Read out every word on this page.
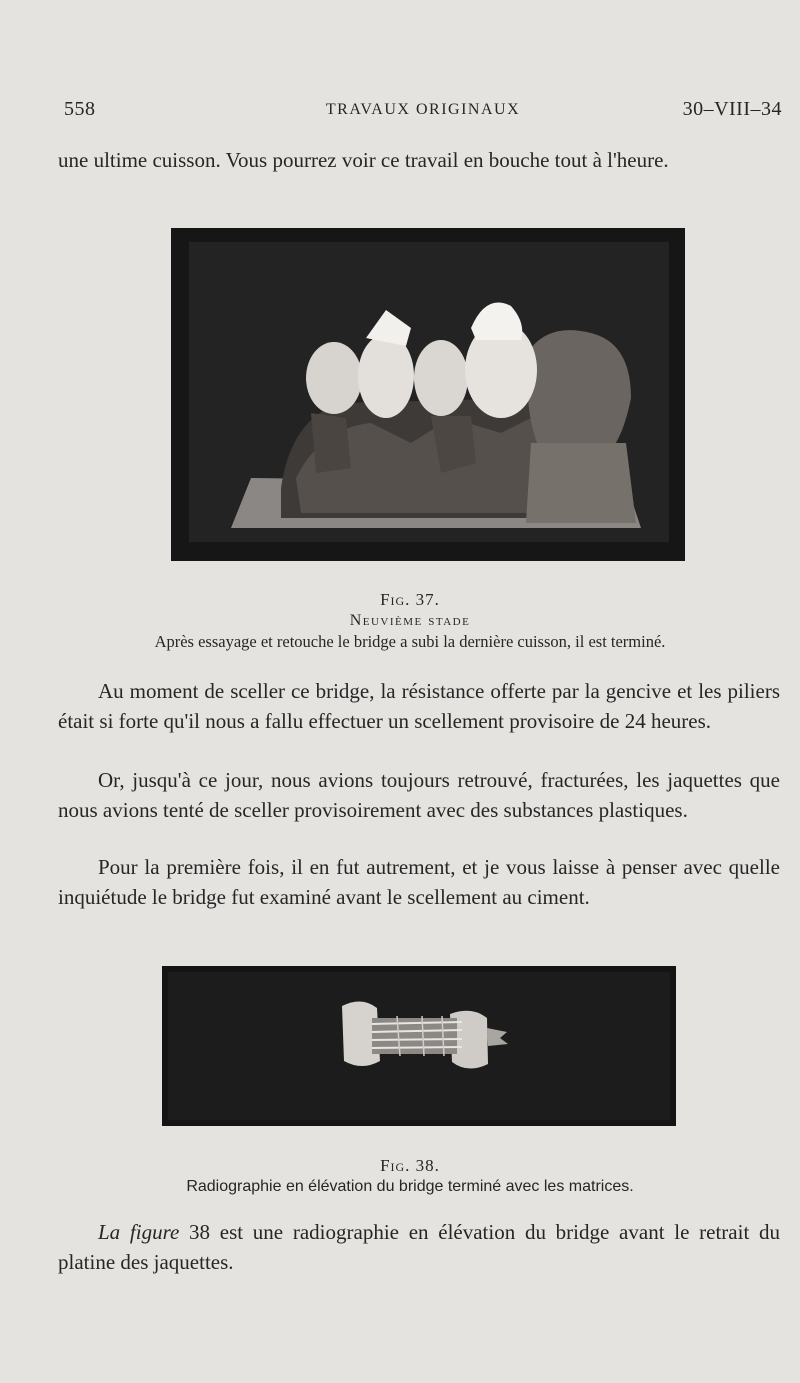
558	TRAVAUX ORIGINAUX	30–VIII–34
une ultime cuisson. Vous pourrez voir ce travail en bouche tout à l'heure.
Fig. 37.
Neuvième stade
Après essayage et retouche le bridge a subi la dernière cuisson, il est terminé.
Au moment de sceller ce bridge, la résistance offerte par la gencive et les piliers était si forte qu'il nous a fallu effectuer un scellement provisoire de 24 heures.
Or, jusqu'à ce jour, nous avions toujours retrouvé, fracturées, les jaquettes que nous avions tenté de sceller provisoirement avec des substances plastiques.
Pour la première fois, il en fut autrement, et je vous laisse à penser avec quelle inquiétude le bridge fut examiné avant le scellement au ciment.
Fig. 38.
Radiographie en élévation du bridge terminé avec les matrices.
La figure 38 est une radiographie en élévation du bridge avant le retrait du platine des jaquettes.
